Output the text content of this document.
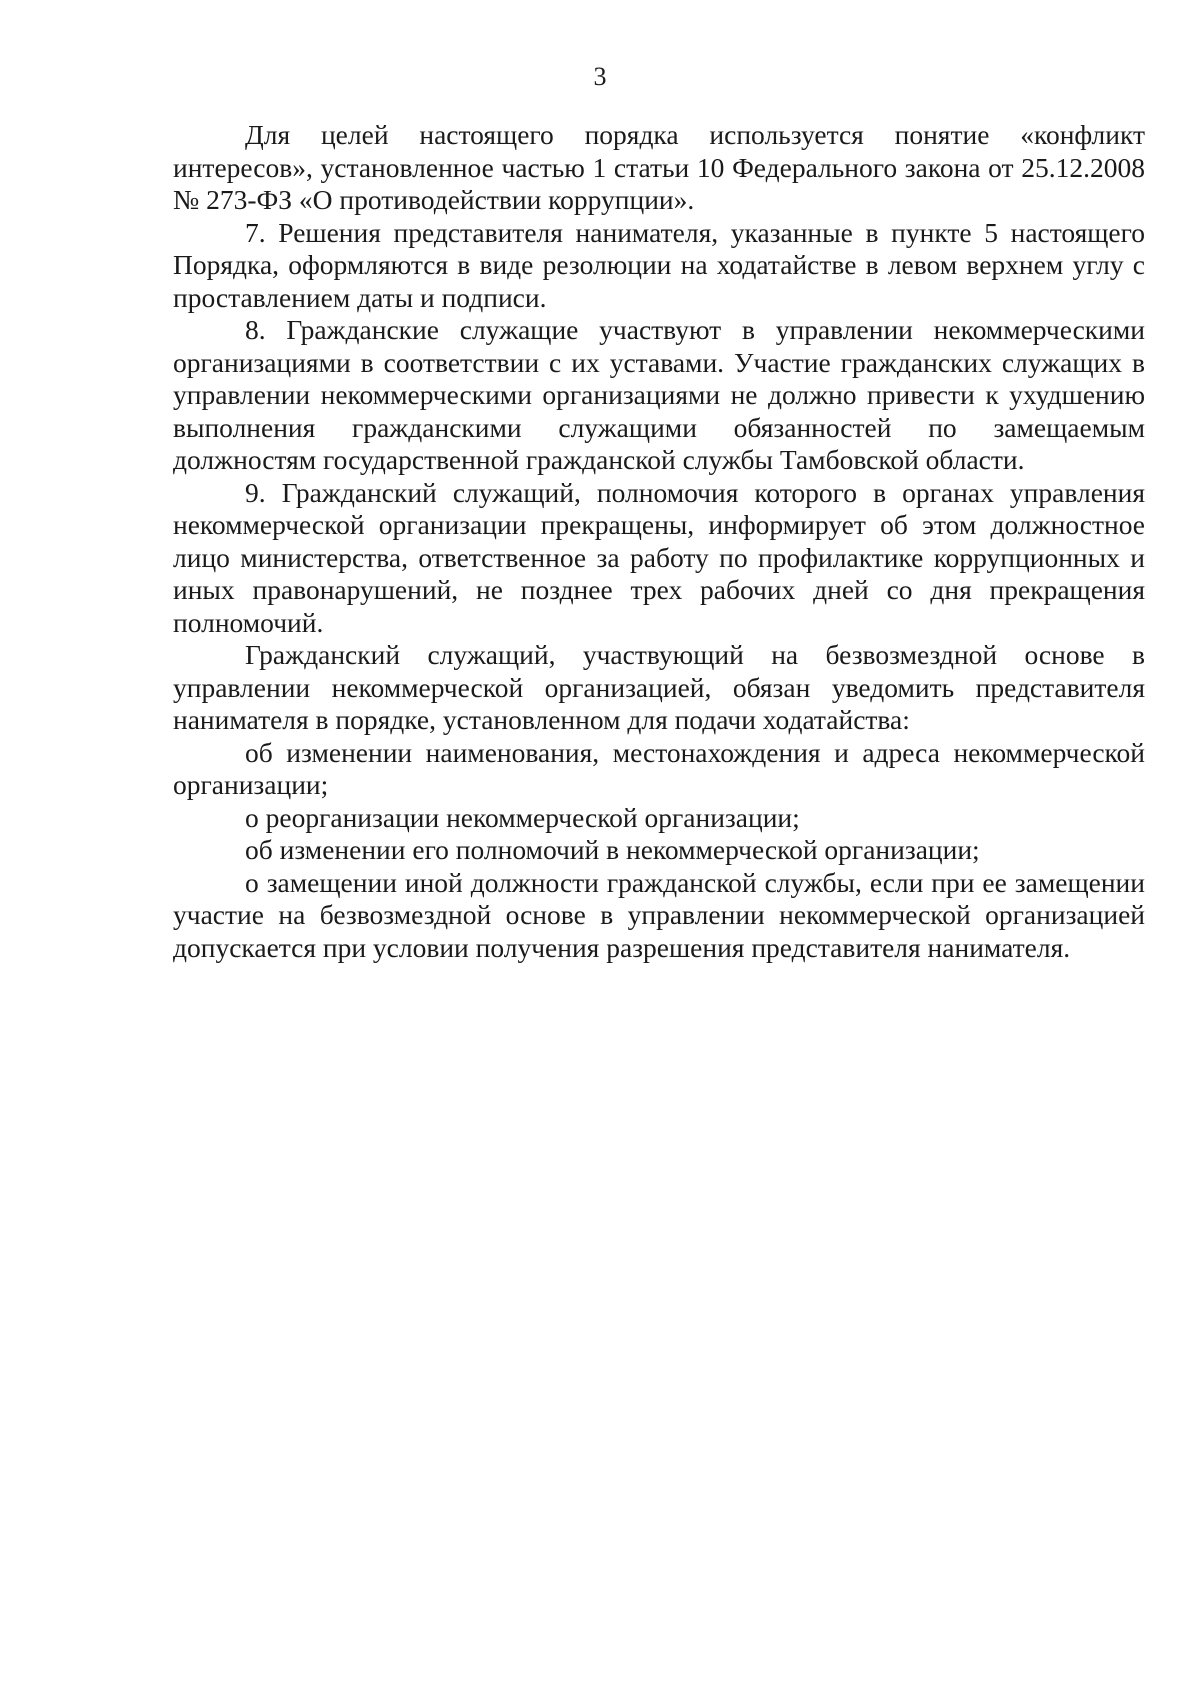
3

Для целей настоящего порядка используется понятие «конфликт интересов», установленное частью 1 статьи 10 Федерального закона от 25.12.2008 № 273-ФЗ «О противодействии коррупции».

7. Решения представителя нанимателя, указанные в пункте 5 настоящего Порядка, оформляются в виде резолюции на ходатайстве в левом верхнем углу с проставлением даты и подписи.

8. Гражданские служащие участвуют в управлении некоммерческими организациями в соответствии с их уставами. Участие гражданских служащих в управлении некоммерческими организациями не должно привести к ухудшению выполнения гражданскими служащими обязанностей по замещаемым должностям государственной гражданской службы Тамбовской области.

9. Гражданский служащий, полномочия которого в органах управления некоммерческой организации прекращены, информирует об этом должностное лицо министерства, ответственное за работу по профилактике коррупционных и иных правонарушений, не позднее трех рабочих дней со дня прекращения полномочий.

Гражданский служащий, участвующий на безвозмездной основе в управлении некоммерческой организацией, обязан уведомить представителя нанимателя в порядке, установленном для подачи ходатайства:

об изменении наименования, местонахождения и адреса некоммерческой организации;

о реорганизации некоммерческой организации;

об изменении его полномочий в некоммерческой организации;

о замещении иной должности гражданской службы, если при ее замещении участие на безвозмездной основе в управлении некоммерческой организацией допускается при условии получения разрешения представителя нанимателя.
